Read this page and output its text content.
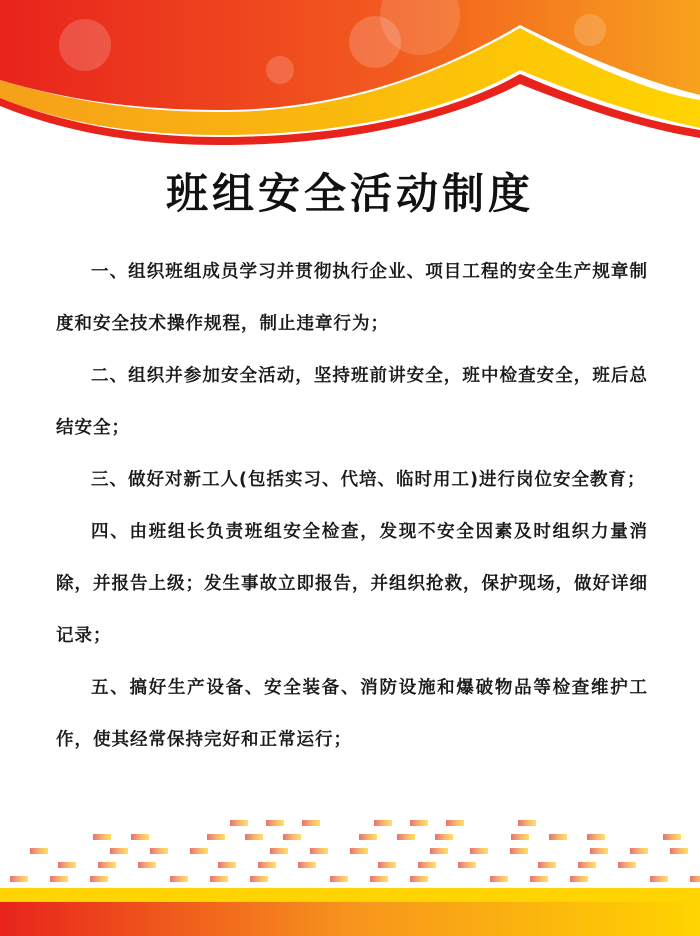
班组安全活动制度

一、组织班组成员学习并贯彻执行企业、项目工程的安全生产规章制度和安全技术操作规程，制止违章行为；

二、组织并参加安全活动，坚持班前讲安全，班中检查安全，班后总结安全；

三、做好对新工人(包括实习、代培、临时用工)进行岗位安全教育；

四、由班组长负责班组安全检查，发现不安全因素及时组织力量消除，并报告上级；发生事故立即报告，并组织抢救，保护现场，做好详细记录；

五、搞好生产设备、安全装备、消防设施和爆破物品等检查维护工作，使其经常保持完好和正常运行；
